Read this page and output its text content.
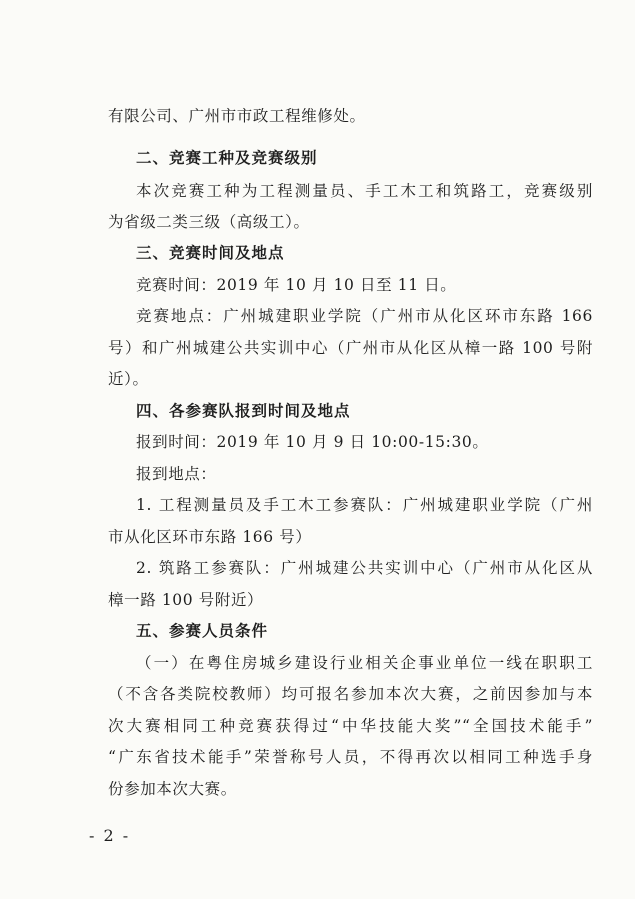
有限公司、广州市市政工程维修处。
二、竞赛工种及竞赛级别
本次竞赛工种为工程测量员、手工木工和筑路工，竞赛级别
为省级二类三级（高级工）。
三、竞赛时间及地点
竞赛时间：2019 年 10 月 10 日至 11 日。
竞赛地点：广州城建职业学院（广州市从化区环市东路 166
号）和广州城建公共实训中心（广州市从化区从樟一路 100 号附
近）。
四、各参赛队报到时间及地点
报到时间：2019 年 10 月 9 日 10:00-15:30。
报到地点：
1. 工程测量员及手工木工参赛队：广州城建职业学院（广州
市从化区环市东路 166 号）
2. 筑路工参赛队：广州城建公共实训中心（广州市从化区从
樟一路 100 号附近）
五、参赛人员条件
（一）在粤住房城乡建设行业相关企事业单位一线在职职工
（不含各类院校教师）均可报名参加本次大赛，之前因参加与本
次大赛相同工种竞赛获得过“中华技能大奖”“全国技术能手”
“广东省技术能手”荣誉称号人员，不得再次以相同工种选手身
份参加本次大赛。
- 2 -
